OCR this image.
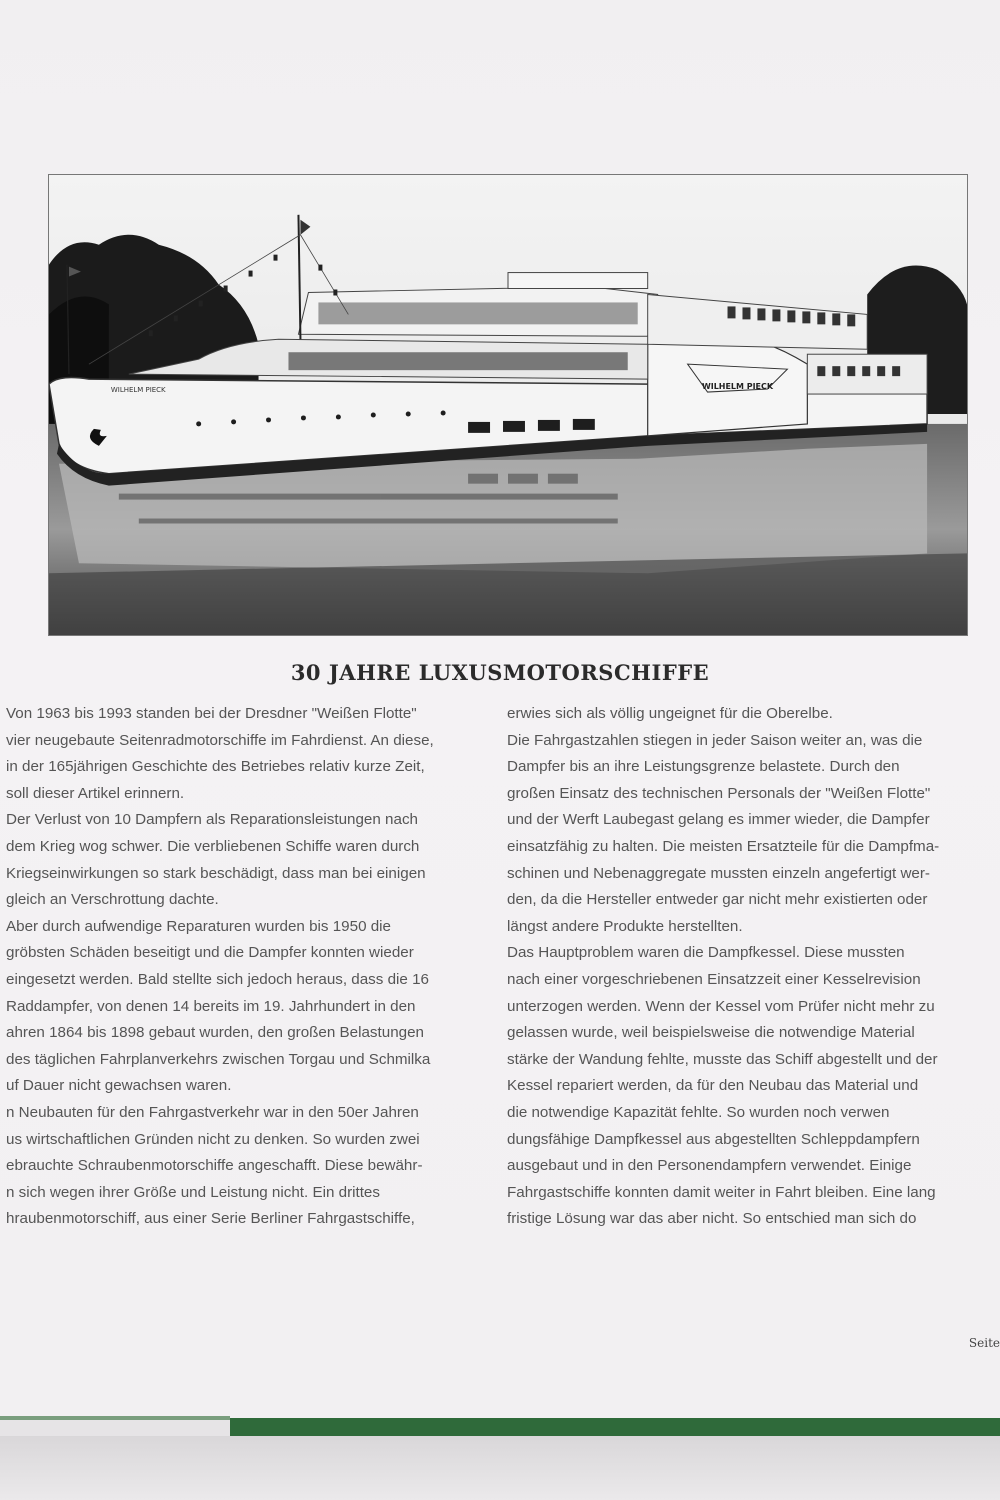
WILHELM PIECK	WILHELM PIECK
30 JAHRE LUXUSMOTORSCHIFFE

Von 1963 bis 1993 standen bei der Dresdner "Weißen Flotte"

vier neugebaute Seitenradmotorschiffe im Fahrdienst. An diese,

in der 165jährigen Geschichte des Betriebes relativ kurze Zeit,

soll dieser Artikel erinnern.

Der Verlust von 10 Dampfern als Reparationsleistungen nach

dem Krieg wog schwer. Die verbliebenen Schiffe waren durch

Kriegseinwirkungen so stark beschädigt, dass man bei einigen

gleich an Verschrottung dachte.

Aber durch aufwendige Reparaturen wurden bis 1950 die

gröbsten Schäden beseitigt und die Dampfer konnten wieder

eingesetzt werden. Bald stellte sich jedoch heraus, dass die 16

Raddampfer, von denen 14 bereits im 19. Jahrhundert in den

ahren 1864 bis 1898 gebaut wurden, den großen Belastungen

des täglichen Fahrplanverkehrs zwischen Torgau und Schmilka

uf Dauer nicht gewachsen waren.

n Neubauten für den Fahrgastverkehr war in den 50er Jahren

us wirtschaftlichen Gründen nicht zu denken. So wurden zwei

ebrauchte Schraubenmotorschiffe angeschafft. Diese bewähr-

n sich wegen ihrer Größe und Leistung nicht. Ein drittes

hraubenmotorschiff, aus einer Serie Berliner Fahrgastschiffe,

erwies sich als völlig ungeignet für die Oberelbe.

Die Fahrgastzahlen stiegen in jeder Saison weiter an, was die

Dampfer bis an ihre Leistungsgrenze belastete. Durch den

großen Einsatz des technischen Personals der "Weißen Flotte"

und der Werft Laubegast gelang es immer wieder, die Dampfer

einsatzfähig zu halten. Die meisten Ersatzteile für die Dampfma-

schinen und Nebenaggregate mussten einzeln angefertigt wer-

den, da die Hersteller entweder gar nicht mehr existierten oder

längst andere Produkte herstellten.

Das Hauptproblem waren die Dampfkessel. Diese mussten

nach einer vorgeschriebenen Einsatzzeit einer Kesselrevision

unterzogen werden. Wenn der Kessel vom Prüfer nicht mehr zu

gelassen wurde, weil beispielsweise die notwendige Material

stärke der Wandung fehlte, musste das Schiff abgestellt und der

Kessel repariert werden, da für den Neubau das Material und

die notwendige Kapazität fehlte. So wurden noch verwen

dungsfähige Dampfkessel aus abgestellten Schleppdampfern

ausgebaut und in den Personendampfern verwendet. Einige

Fahrgastschiffe konnten damit weiter in Fahrt bleiben. Eine lang

fristige Lösung war das aber nicht. So entschied man sich do

Seite
